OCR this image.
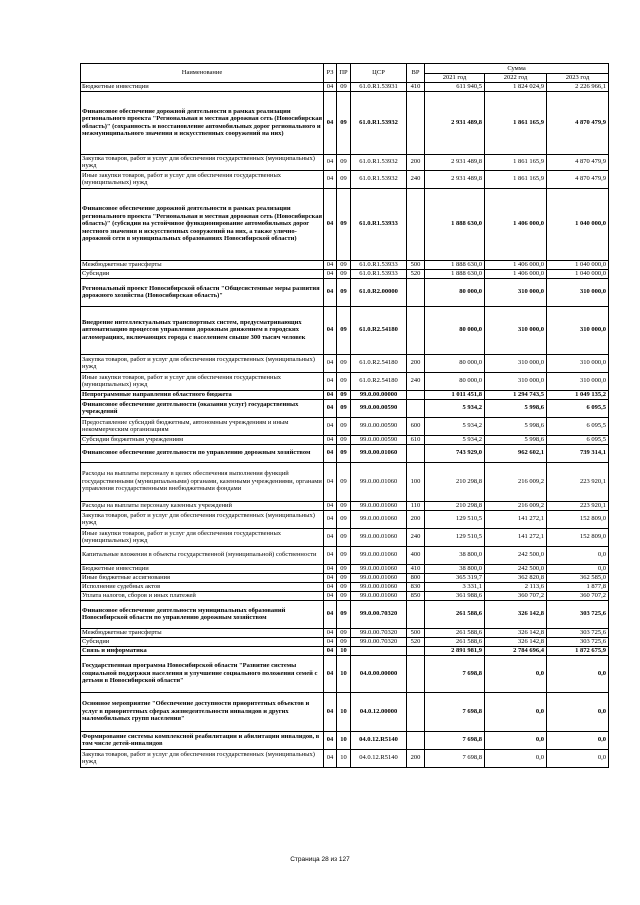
Наименование	РЗ	ПР	ЦСР	ВР	Сумма		
					2021 год	2022 год	2023 год
Бюджетные инвестиции	04	09	61.0.R1.53931	410	611 940,5	1 824 024,9	2 226 966,1
Финансовое обеспечение дорожной деятельности в рамках реализации регионального проекта "Региональная и местная дорожная сеть (Новосибирская область)" (сохранность и восстановление автомобильных дорог регионального и межмуниципального значения и искусственных сооружений на них)	04	09	61.0.R1.53932		2 931 489,8	1 861 165,9	4 870 479,9
Закупка товаров, работ и услуг для обеспечения государственных (муниципальных) нужд	04	09	61.0.R1.53932	200	2 931 489,8	1 861 165,9	4 870 479,9
Иные закупки товаров, работ и услуг для обеспечения государственных (муниципальных) нужд	04	09	61.0.R1.53932	240	2 931 489,8	1 861 165,9	4 870 479,9
Финансовое обеспечение дорожной деятельности в рамках реализации регионального проекта "Региональная и местная дорожная сеть (Новосибирская область)" (субсидии на устойчивое функционирование автомобильных дорог местного значения и искусственных сооружений на них, а также улично-дорожной сети в муниципальных образованиях Новосибирской области)	04	09	61.0.R1.53933		1 888 630,0	1 406 000,0	1 040 000,0
Межбюджетные трансферты	04	09	61.0.R1.53933	500	1 888 630,0	1 406 000,0	1 040 000,0
Субсидии	04	09	61.0.R1.53933	520	1 888 630,0	1 406 000,0	1 040 000,0
Региональный проект Новосибирской области "Общесистемные меры развития дорожного хозяйства (Новосибирская область)"	04	09	61.0.R2.00000		80 000,0	310 000,0	310 000,0
Внедрение интеллектуальных транспортных систем, предусматривающих автоматизацию процессов управления дорожным движением в городских агломерациях, включающих города с населением свыше 300 тысяч человек	04	09	61.0.R2.54180		80 000,0	310 000,0	310 000,0
Закупка товаров, работ и услуг для обеспечения государственных (муниципальных) нужд	04	09	61.0.R2.54180	200	80 000,0	310 000,0	310 000,0
Иные закупки товаров, работ и услуг для обеспечения государственных (муниципальных) нужд	04	09	61.0.R2.54180	240	80 000,0	310 000,0	310 000,0
Непрограммные направления областного бюджета	04	09	99.0.00.00000		1 011 451,8	1 294 743,5	1 049 135,2
Финансовое обеспечение деятельности (оказания услуг) государственных учреждений	04	09	99.0.00.00590		5 934,2	5 998,6	6 095,5
Предоставление субсидий бюджетным, автономным учреждениям и иным некоммерческим организациям	04	09	99.0.00.00590	600	5 934,2	5 998,6	6 095,5
Субсидии бюджетным учреждениям	04	09	99.0.00.00590	610	5 934,2	5 998,6	6 095,5
Финансовое обеспечение деятельности по управлению дорожным хозяйством	04	09	99.0.00.01060		743 929,0	962 602,1	739 314,1
Расходы на выплаты персоналу в целях обеспечения выполнения функций государственными (муниципальными) органами, казенными учреждениями, органами управления государственными внебюджетными фондами	04	09	99.0.00.01060	100	210 298,8	216 009,2	223 920,1
Расходы на выплаты персоналу казенных учреждений	04	09	99.0.00.01060	110	210 298,8	216 009,2	223 920,1
Закупка товаров, работ и услуг для обеспечения государственных (муниципальных) нужд	04	09	99.0.00.01060	200	129 510,5	141 272,1	152 809,0
Иные закупки товаров, работ и услуг для обеспечения государственных (муниципальных) нужд	04	09	99.0.00.01060	240	129 510,5	141 272,1	152 809,0
Капитальные вложения в объекты государственной (муниципальной) собственности	04	09	99.0.00.01060	400	38 800,0	242 500,0	0,0
Бюджетные инвестиции	04	09	99.0.00.01060	410	38 800,0	242 500,0	0,0
Иные бюджетные ассигнования	04	09	99.0.00.01060	800	365 319,7	362 820,8	362 585,0
Исполнение судебных актов	04	09	99.0.00.01060	830	3 331,1	2 113,6	1 877,8
Уплата налогов, сборов и иных платежей	04	09	99.0.00.01060	850	361 988,6	360 707,2	360 707,2
Финансовое обеспечение деятельности муниципальных образований Новосибирской области по управлению дорожным хозяйством	04	09	99.0.00.70320		261 588,6	326 142,8	303 725,6
Межбюджетные трансферты	04	09	99.0.00.70320	500	261 588,6	326 142,8	303 725,6
Субсидии	04	09	99.0.00.70320	520	261 588,6	326 142,8	303 725,6
Связь и информатика	04	10			2 891 981,9	2 784 696,4	1 872 675,9
Государственная программа Новосибирской области "Развитие системы социальной поддержки населения и улучшение социального положения семей с детьми в Новосибирской области"	04	10	04.0.00.00000		7 698,8	0,0	0,0
Основное мероприятие "Обеспечение доступности приоритетных объектов и услуг в приоритетных сферах жизнедеятельности инвалидов и других маломобильных групп населения"	04	10	04.0.12.00000		7 698,8	0,0	0,0
Формирование системы комплексной реабилитации и абилитации инвалидов, в том числе детей-инвалидов	04	10	04.0.12.R5140		7 698,8	0,0	0,0
Закупка товаров, работ и услуг для обеспечения государственных (муниципальных) нужд	04	10	04.0.12.R5140	200	7 698,8	0,0	0,0
Страница 28 из 127
